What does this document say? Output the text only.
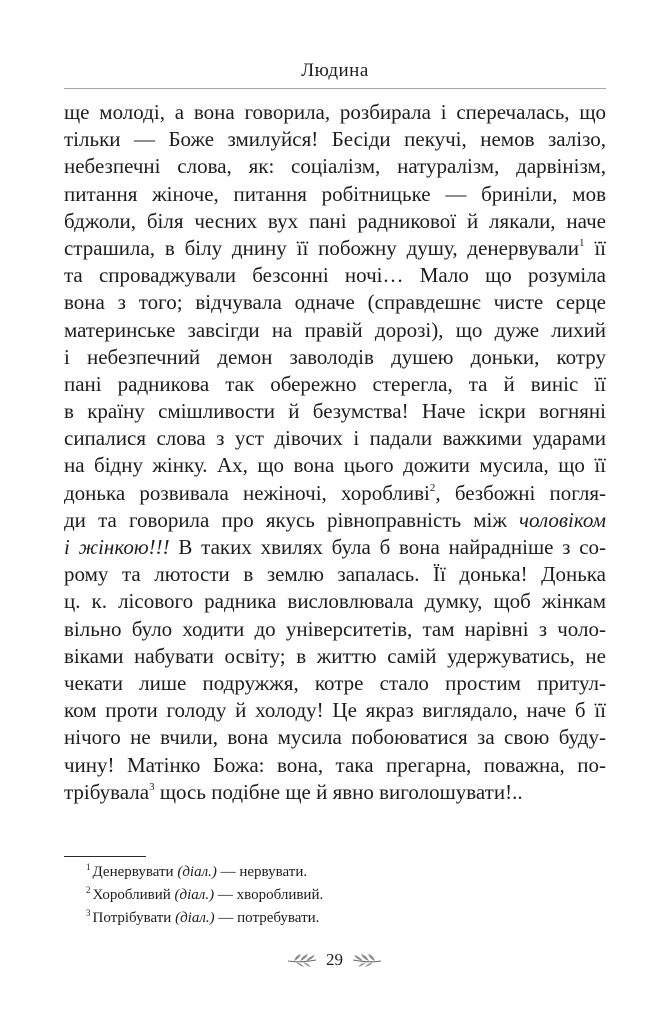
Людина
ще молоді, а вона говорила, розбирала і сперечалась, що
тільки — Боже змилуйся! Бесіди пекучі, немов залізо,
небезпечні слова, як: соціалізм, натуралізм, дарвінізм,
питання жіноче, питання робітницьке — бриніли, мов
бджоли, біля чесних вух пані радникової й лякали, наче
страшила, в білу днину її побожну душу, денервували$^1$ її
та спроваджували безсонні ночі… Мало що розуміла
вона з того; відчувала одначе (справдешнє чисте серце
материнське завсігди на правій дорозі), що дуже лихий
і небезпечний демон заволодів душею доньки, котру
пані радникова так обережно стерегла, та й виніс її
в країну смішливости й безумства! Наче іскри вогняні
сипалися слова з уст дівочих і падали важкими ударами
на бідну жінку. Ах, що вона цього дожити мусила, що її
донька розвивала нежіночі, хоробливі$^2$, безбожні погля-
ди та говорила про якусь рівноправність між чоловіком
і жінкою!!! В таких хвилях була б вона найрадніше з со-
рому та лютости в землю запалась. Її донька! Донька
ц. к. лісового радника висловлювала думку, щоб жінкам
вільно було ходити до університетів, там нарівні з чоло-
віками набувати освіту; в життю самій удержуватись, не
чекати лише подружжя, котре стало простим притул-
ком проти голоду й холоду! Це якраз виглядало, наче б її
нічого не вчили, вона мусила побоюватися за свою буду-
чину! Матінко Божа: вона, така прегарна, поважна, по-
трібувала$^3$ щось подібне ще й явно виголошувати!..
$^1$ Денервувати (діал.) — нервувати.
$^2$ Хоробливий (діал.) — хворобливий.
$^3$ Потрібувати (діал.) — потребувати.
29
